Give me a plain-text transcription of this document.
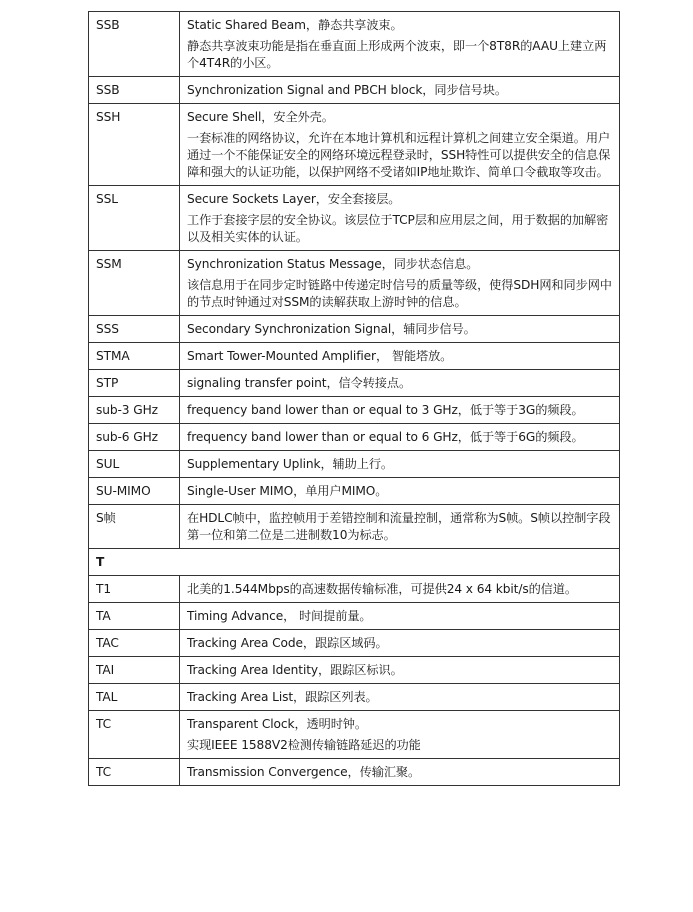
SSB	Static Shared Beam，静态共享波束。

静态共享波束功能是指在垂直面上形成两个波束，即一个8T8R的AAU上建立两个4T4R的小区。

SSB	Synchronization Signal and PBCH block，同步信号块。

SSH	Secure Shell，安全外壳。

一套标准的网络协议，允许在本地计算机和远程计算机之间建立安全渠道。用户通过一个不能保证安全的网络环境远程登录时，SSH特性可以提供安全的信息保障和强大的认证功能，以保护网络不受诸如IP地址欺诈、简单口令截取等攻击。

SSL	Secure Sockets Layer，安全套接层。

工作于套接字层的安全协议。该层位于TCP层和应用层之间，用于数据的加解密以及相关实体的认证。

SSM	Synchronization Status Message，同步状态信息。

该信息用于在同步定时链路中传递定时信号的质量等级，使得SDH网和同步网中的节点时钟通过对SSM的读解获取上游时钟的信息。

SSS	Secondary Synchronization Signal，辅同步信号。

STMA	Smart Tower-Mounted Amplifier， 智能塔放。

STP	signaling transfer point，信令转接点。

sub-3 GHz	frequency band lower than or equal to 3 GHz，低于等于3G的频段。

sub-6 GHz	frequency band lower than or equal to 6 GHz，低于等于6G的频段。

SUL	Supplementary Uplink，辅助上行。

SU-MIMO	Single-User MIMO，单用户MIMO。

S帧	在HDLC帧中，监控帧用于差错控制和流量控制，通常称为S帧。S帧以控制字段第一位和第二位是二进制数10为标志。

T	
T1	北美的1.544Mbps的高速数据传输标准，可提供24 x 64 kbit/s的信道。

TA	Timing Advance， 时间提前量。

TAC	Tracking Area Code，跟踪区域码。

TAI	Tracking Area Identity，跟踪区标识。

TAL	Tracking Area List，跟踪区列表。

TC	Transparent Clock，透明时钟。

实现IEEE 1588V2检测传输链路延迟的功能

TC	Transmission Convergence，传输汇聚。
